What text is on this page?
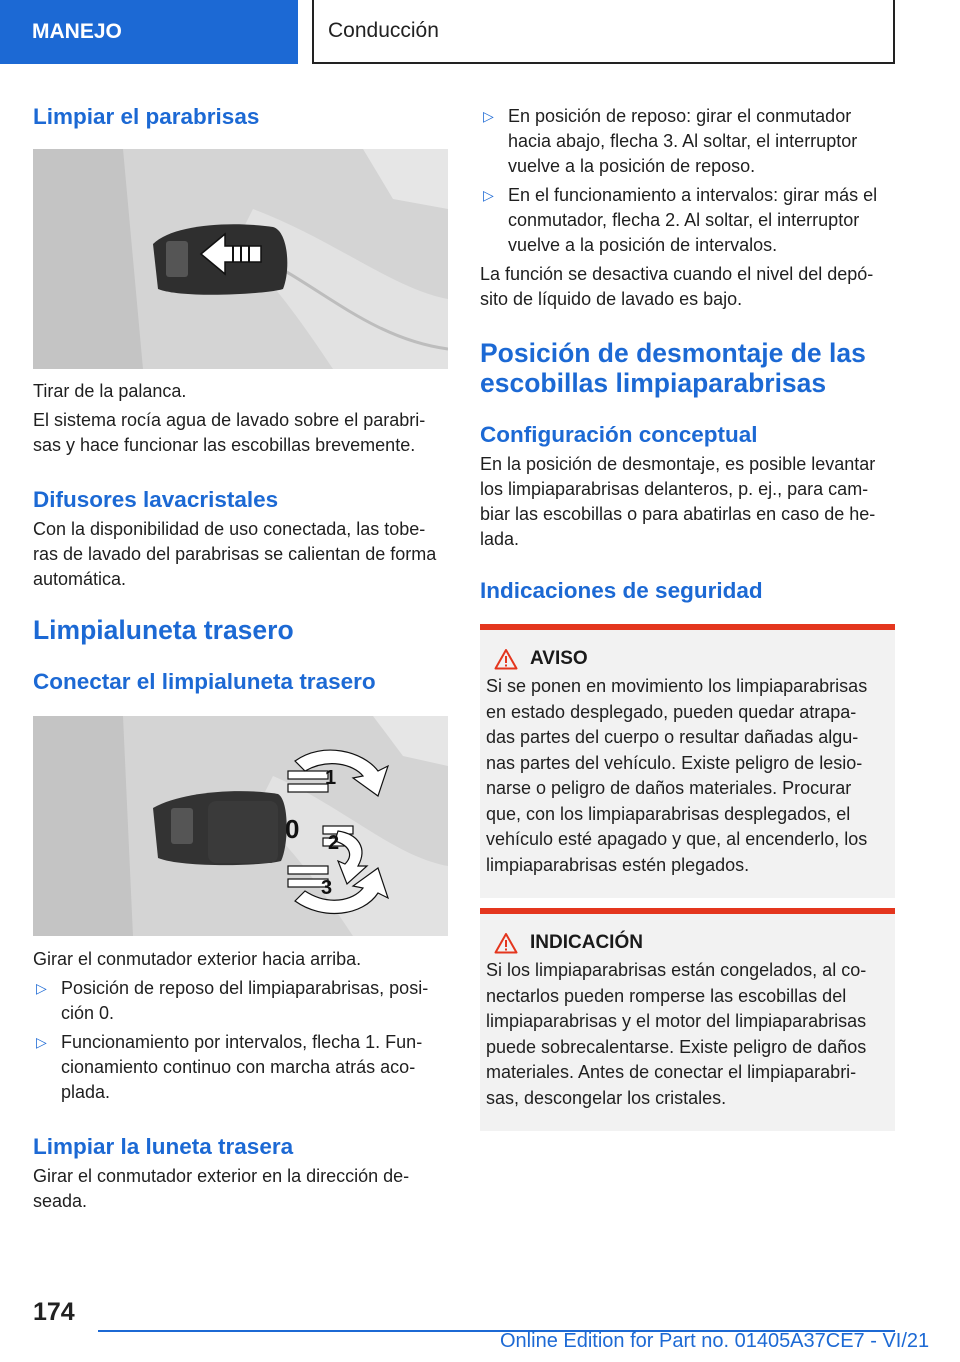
MANEJO	Conducción
Limpiar el parabrisas

Tirar de la palanca.

El sistema rocía agua de lavado sobre el parabri‐ sas y hace funcionar las escobillas brevemente.

Difusores lavacristales

Con la disponibilidad de uso conectada, las tobe‐ ras de lavado del parabrisas se calientan de forma automática.

Limpialuneta trasero
Conectar el limpialuneta trasero
1
0 2
3

Girar el conmutador exterior hacia arriba.

▷ Posición de reposo del limpiaparabrisas, posi‐ ción 0.
▷ Funcionamiento por intervalos, flecha 1. Fun‐ cionamiento continuo con marcha atrás aco‐ plada.
Limpiar la luneta trasera

Girar el conmutador exterior en la dirección de‐ seada.

▷ En posición de reposo: girar el conmutador hacia abajo, flecha 3. Al soltar, el interruptor vuelve a la posición de reposo.
▷ En el funcionamiento a intervalos: girar más el conmutador, flecha 2. Al soltar, el interruptor vuelve a la posición de intervalos.

La función se desactiva cuando el nivel del depó‐ sito de líquido de lavado es bajo.

Posición de desmontaje de las escobillas limpiaparabrisas
Configuración conceptual

En la posición de desmontaje, es posible levantar los limpiaparabrisas delanteros, p. ej., para cam‐ biar las escobillas o para abatirlas en caso de he‐ lada.

Indicaciones de seguridad
AVISO

Si se ponen en movimiento los limpiaparabrisas en estado desplegado, pueden quedar atrapa‐ das partes del cuerpo o resultar dañadas algu‐ nas partes del vehículo. Existe peligro de lesio‐ narse o peligro de daños materiales. Procurar que, con los limpiaparabrisas desplegados, el vehículo esté apagado y que, al encenderlo, los limpiaparabrisas estén plegados.

INDICACIÓN

Si los limpiaparabrisas están congelados, al co‐ nectarlos pueden romperse las escobillas del limpiaparabrisas y el motor del limpiaparabrisas puede sobrecalentarse. Existe peligro de daños materiales. Antes de conectar el limpiaparabri‐ sas, descongelar los cristales.

174
Online Edition for Part no. 01405A37CE7 - VI/21
